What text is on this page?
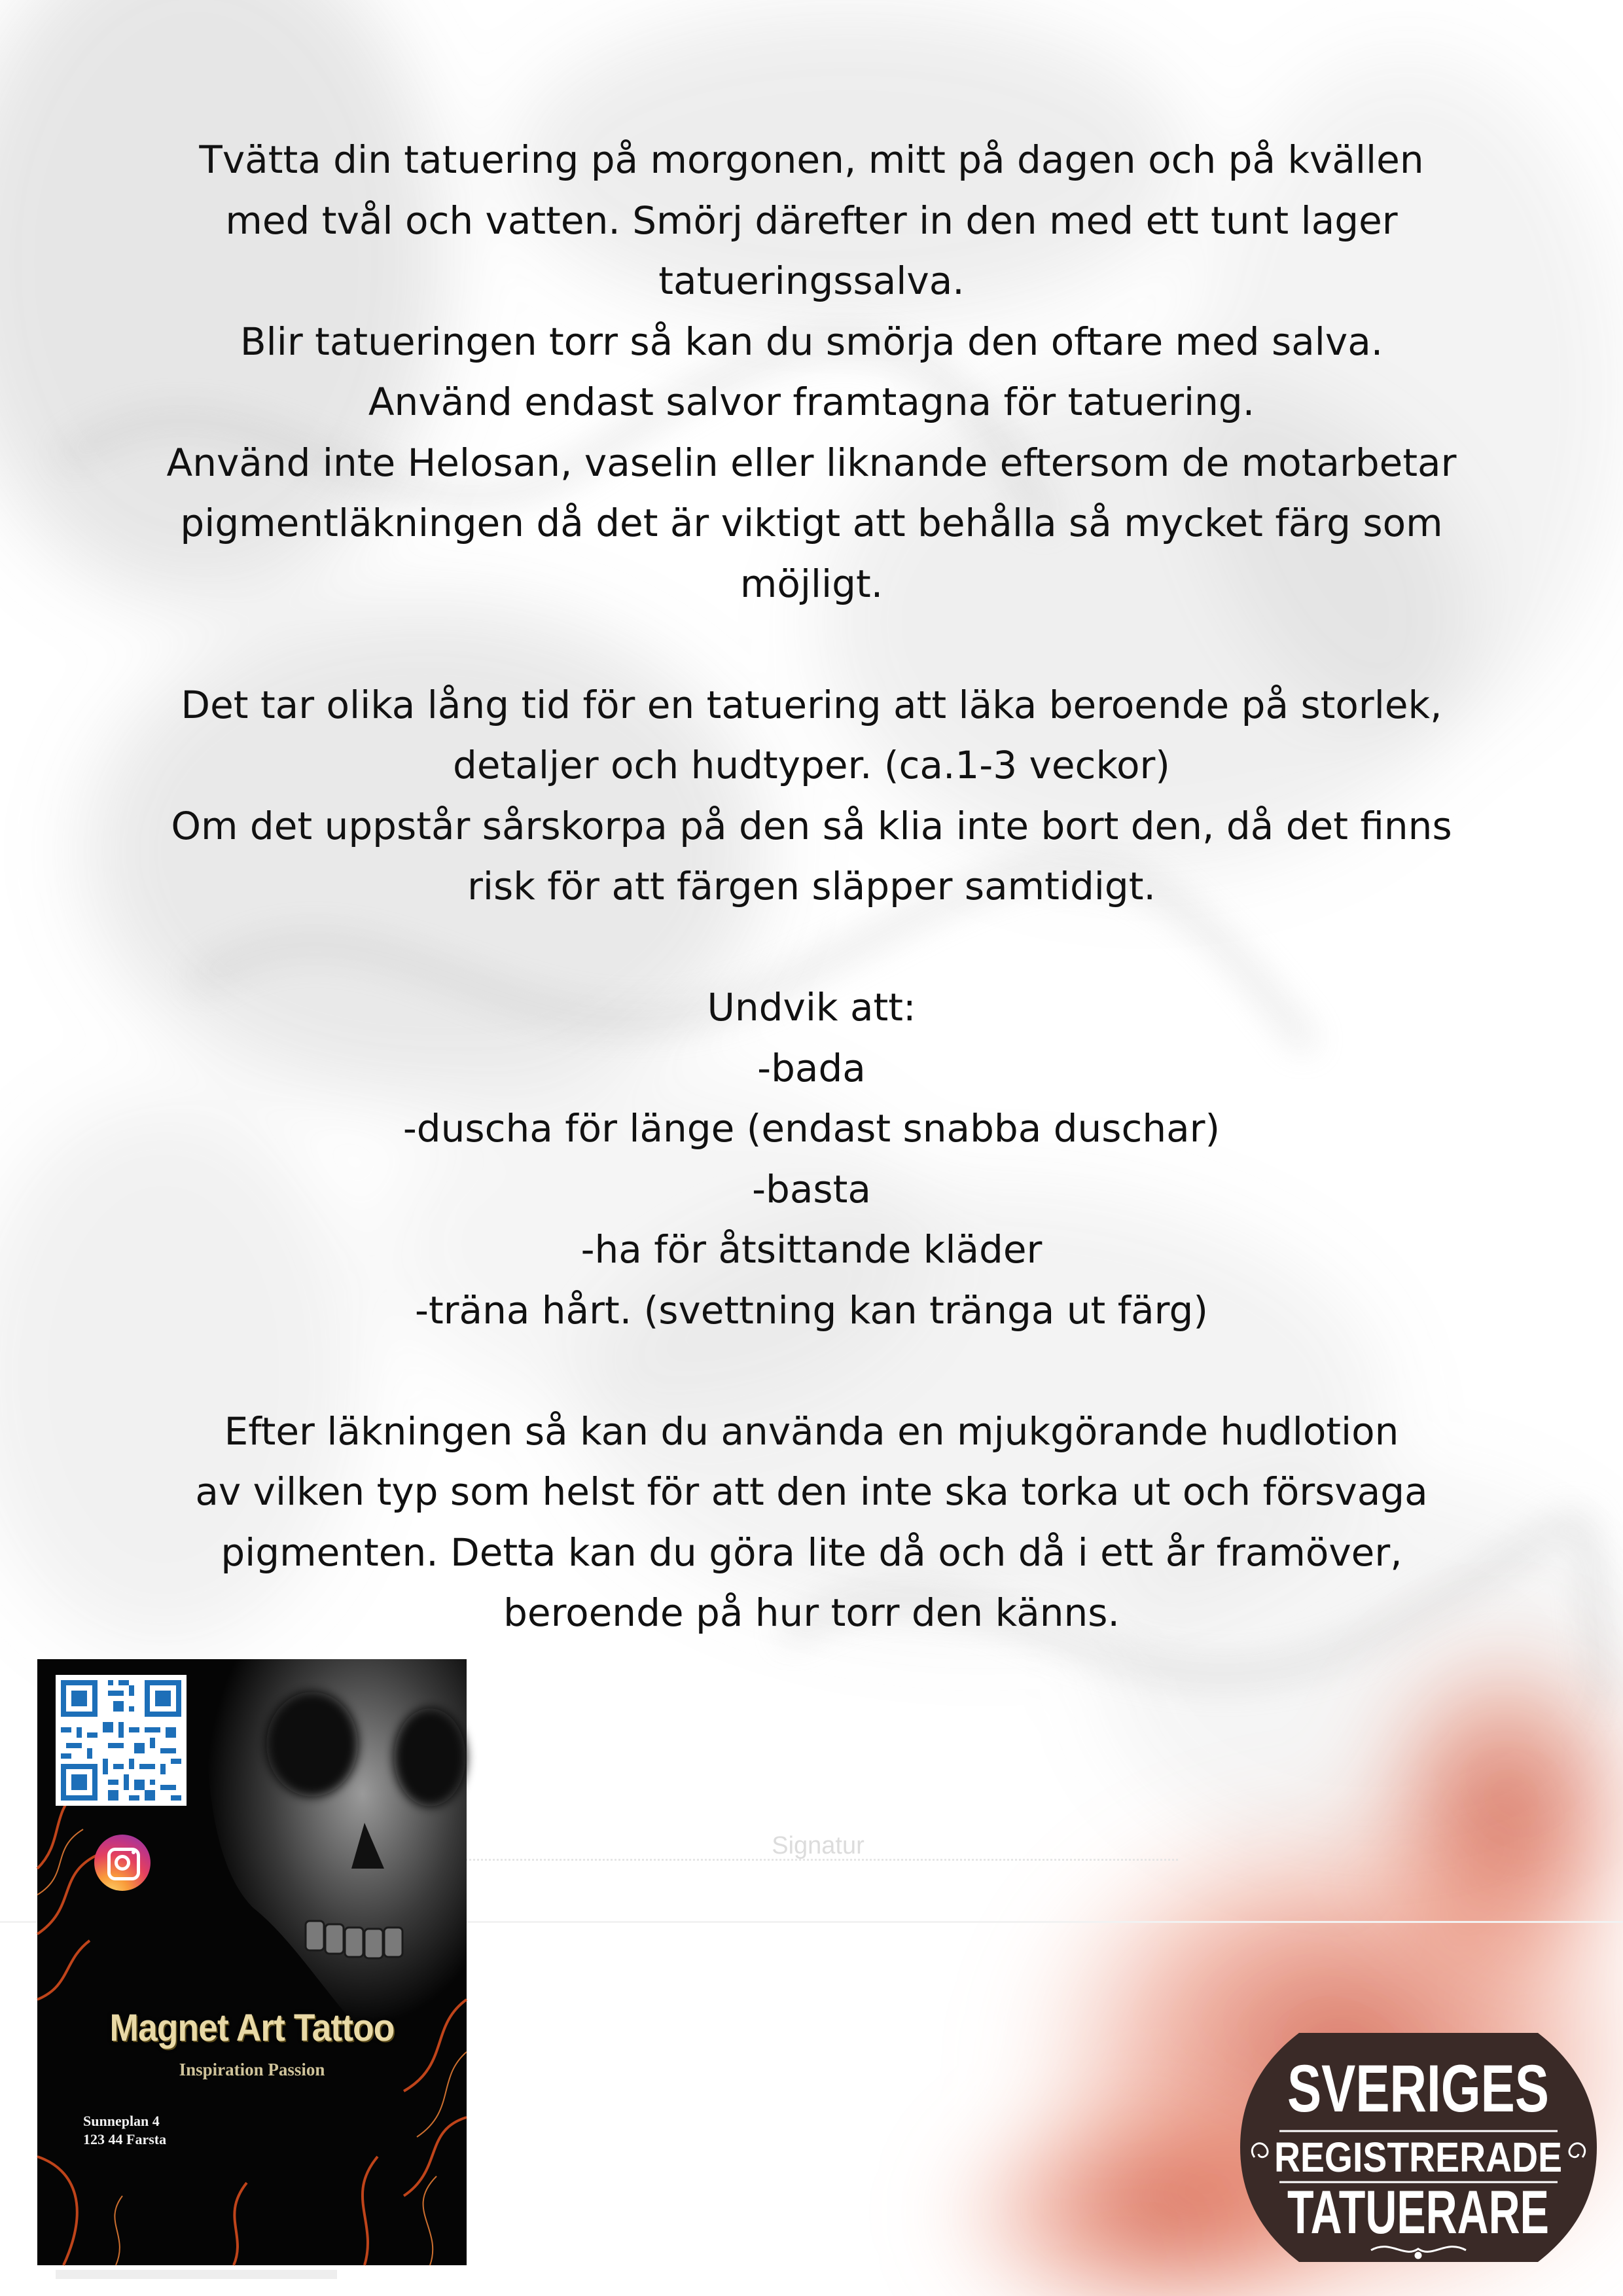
Tvätta din tatuering på morgonen, mitt på dagen och på kvällen
med tvål och vatten. Smörj därefter in den med ett tunt lager
tatueringssalva.
Blir tatueringen torr så kan du smörja den oftare med salva.
Använd endast salvor framtagna för tatuering.
Använd inte Helosan, vaselin eller liknande eftersom de motarbetar
pigmentläkningen då det är viktigt att behålla så mycket färg som
möjligt.
Det tar olika lång tid för en tatuering att läka beroende på storlek,
detaljer och hudtyper. (ca.1-3 veckor)
Om det uppstår sårskorpa på den så klia inte bort den, då det finns
risk för att färgen släpper samtidigt.
Undvik att:
-bada
-duscha för länge (endast snabba duschar)
-basta
-ha för åtsittande kläder
-träna hårt. (svettning kan tränga ut färg)
Efter läkningen så kan du använda en mjukgörande hudlotion
av vilken typ som helst för att den inte ska torka ut och försvaga
pigmenten. Detta kan du göra lite då och då i ett år framöver,
beroende på hur torr den känns.
Signatur
Magnet Art Tattoo
Inspiration Passion
Sunneplan 4
123 44 Farsta
SVERIGES
REGISTRERADE
TATUERARE
